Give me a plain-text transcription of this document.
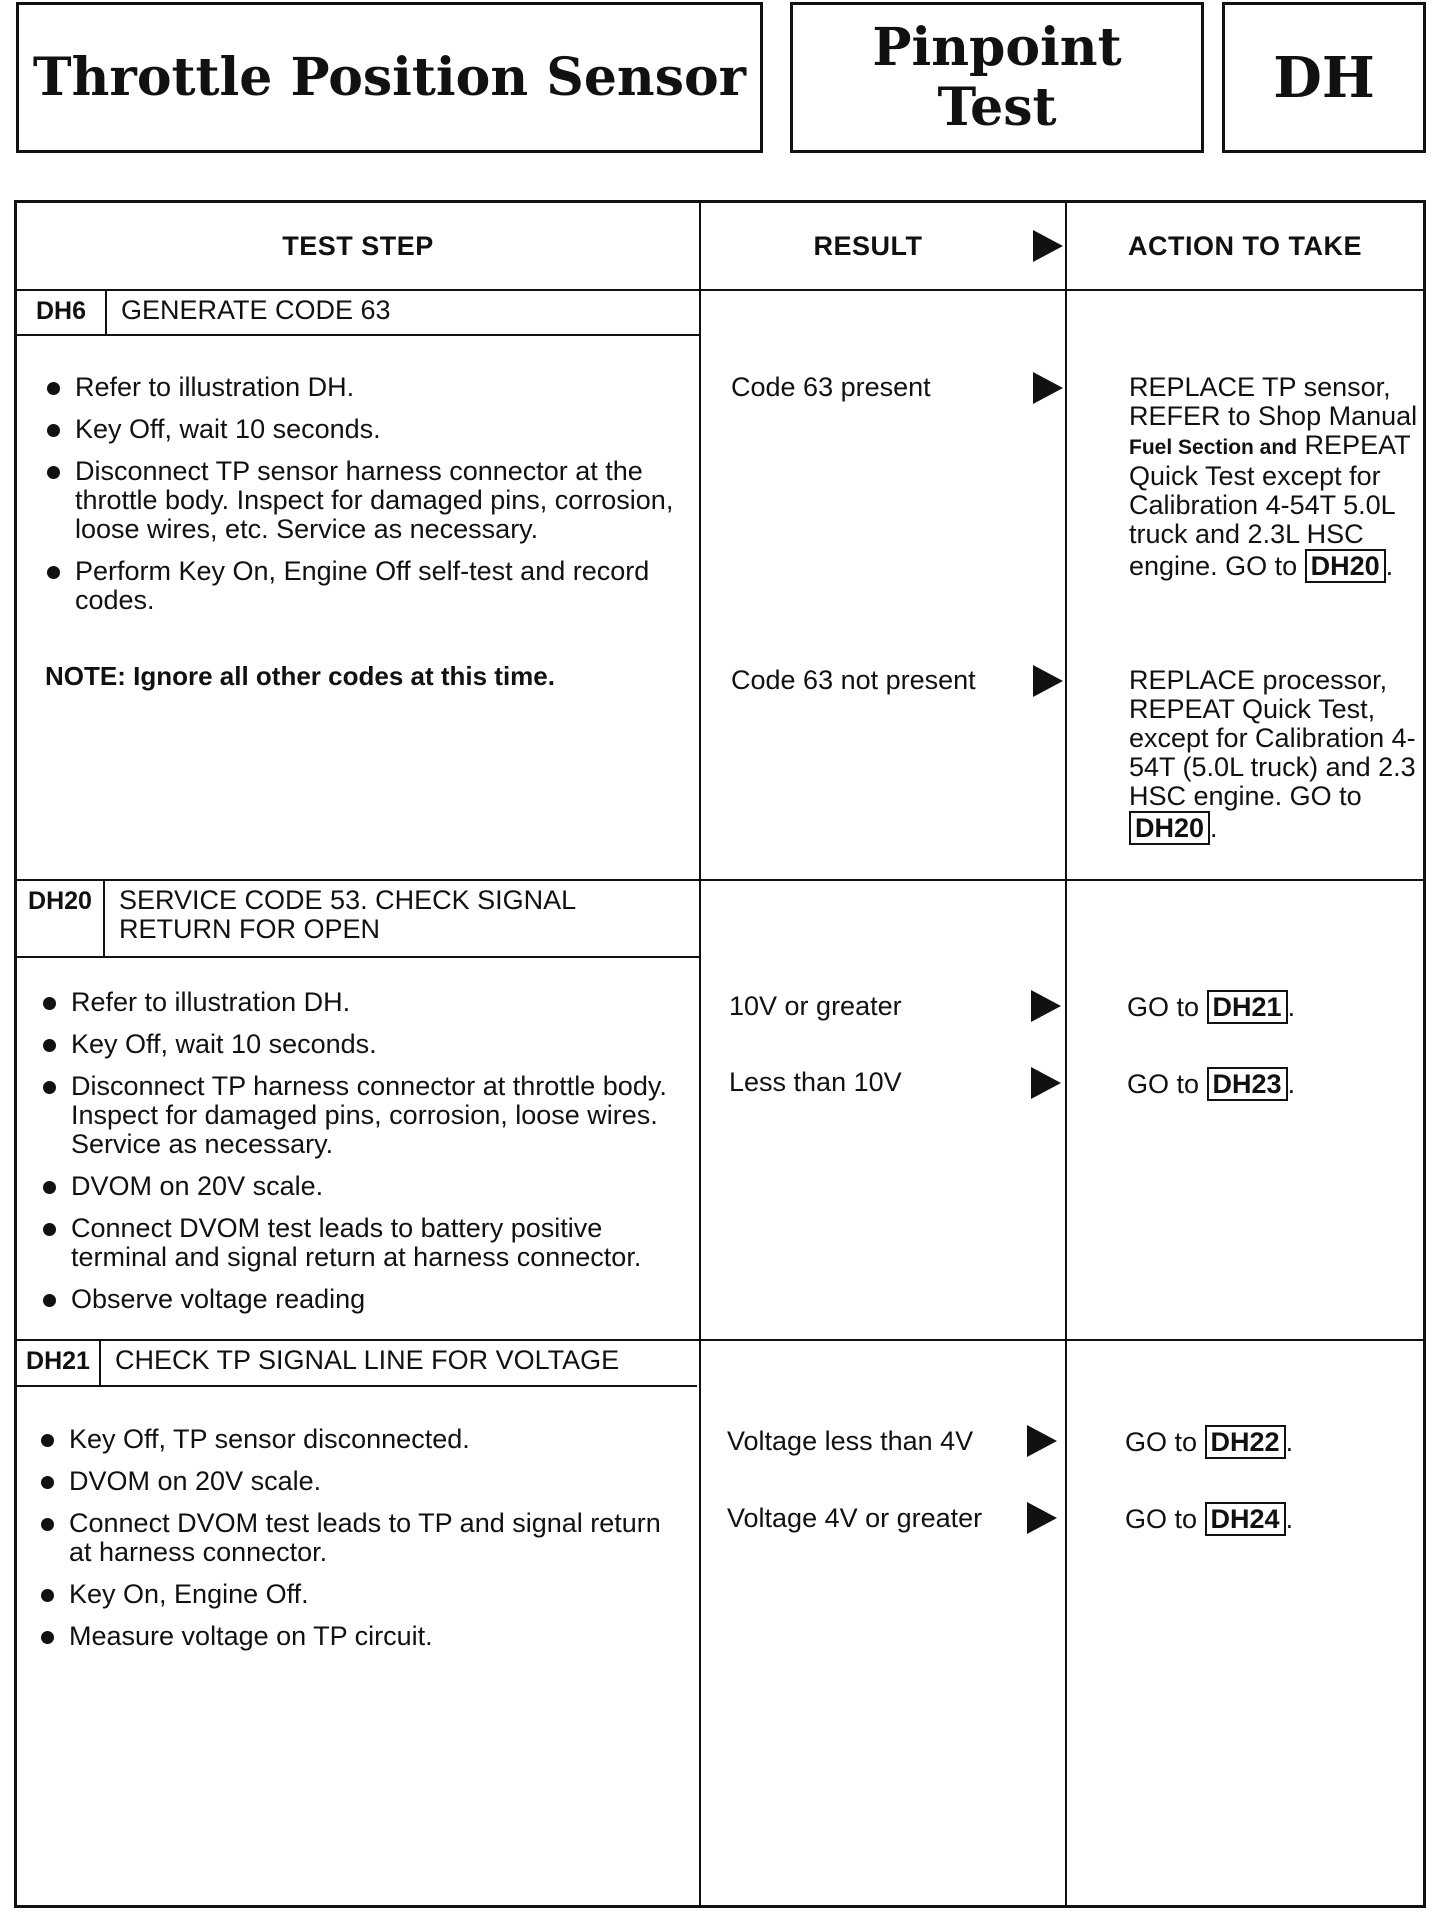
Throttle Position Sensor	Pinpoint Test	DH
TEST STEP	RESULT	ACTION TO TAKE
DH6	GENERATE CODE 63
Refer to illustration DH.
Key Off, wait 10 seconds.
Disconnect TP sensor harness connector at the throttle body. Inspect for damaged pins, corrosion, loose wires, etc. Service as necessary.
Perform Key On, Engine Off self-test and record codes.
NOTE: Ignore all other codes at this time.
Code 63 present	REPLACE TP sensor, REFER to Shop Manual Fuel Section and REPEAT Quick Test except for Calibration 4-54T 5.0L truck and 2.3L HSC engine. GO to DH20 .
Code 63 not present	REPLACE processor, REPEAT Quick Test, except for Calibration 4-54T (5.0L truck) and 2.3 HSC engine. GO to DH20 .
DH20	SERVICE CODE 53. CHECK SIGNAL RETURN FOR OPEN
Refer to illustration DH.
Key Off, wait 10 seconds.
Disconnect TP harness connector at throttle body. Inspect for damaged pins, corrosion, loose wires. Service as necessary.
DVOM on 20V scale.
Connect DVOM test leads to battery positive terminal and signal return at harness connector.
Observe voltage reading
10V or greater	GO to DH21 .
Less than 10V	GO to DH23 .
DH21 CHECK TP SIGNAL LINE FOR VOLTAGE
Key Off, TP sensor disconnected.
DVOM on 20V scale.
Connect DVOM test leads to TP and signal return at harness connector.
Key On, Engine Off.
Measure voltage on TP circuit.
Voltage less than 4V	GO to DH22 .
Voltage 4V or greater	GO to DH24 .
